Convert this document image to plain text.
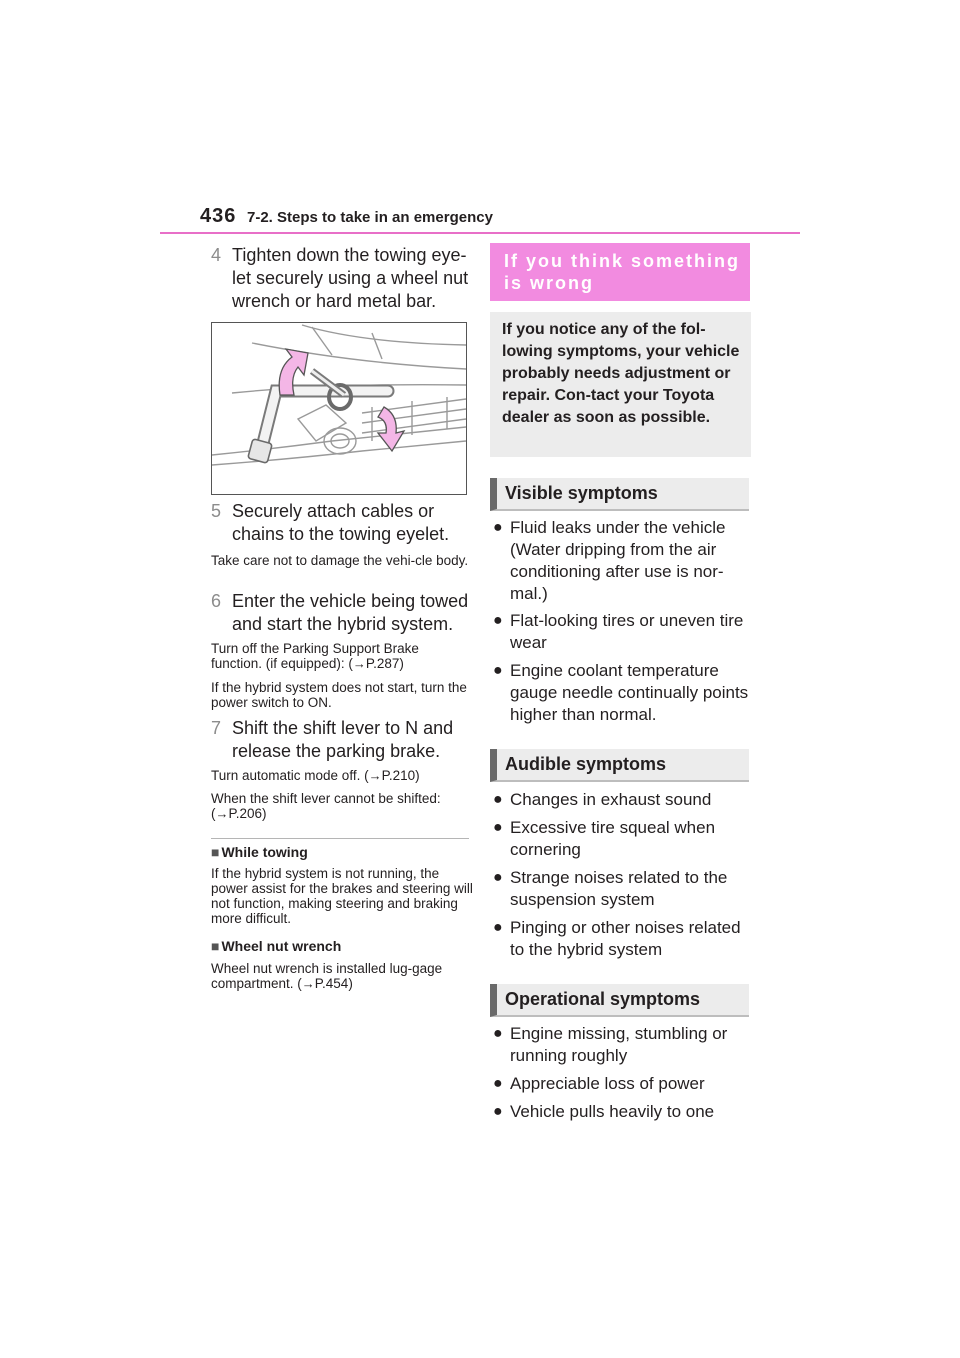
436 7-2. Steps to take in an emergency
4 Tighten down the towing eye-let securely using a wheel nut wrench or hard metal bar.
5 Securely attach cables or chains to the towing eyelet.
Take care not to damage the vehi-cle body.
6 Enter the vehicle being towed and start the hybrid system.
Turn off the Parking Support Brake function. (if equipped): (→P.287)
If the hybrid system does not start, turn the power switch to ON.
7 Shift the shift lever to N and release the parking brake.
Turn automatic mode off. (→P.210)
When the shift lever cannot be shifted: (→P.206)
■ While towing
If the hybrid system is not running, the power assist for the brakes and steering will not function, making steering and braking more difficult.
■ Wheel nut wrench
Wheel nut wrench is installed lug-gage compartment. (→P.454)
If you think something is wrong
If you notice any of the fol-lowing symptoms, your vehicle probably needs adjustment or repair. Con-tact your Toyota dealer as soon as possible.
Visible symptoms
● Fluid leaks under the vehicle (Water dripping from the air conditioning after use is nor-mal.)
● Flat-looking tires or uneven tire wear
● Engine coolant temperature gauge needle continually points higher than normal.
Audible symptoms
● Changes in exhaust sound
● Excessive tire squeal when cornering
● Strange noises related to the suspension system
● Pinging or other noises related to the hybrid system
Operational symptoms
● Engine missing, stumbling or running roughly
● Appreciable loss of power
● Vehicle pulls heavily to one
